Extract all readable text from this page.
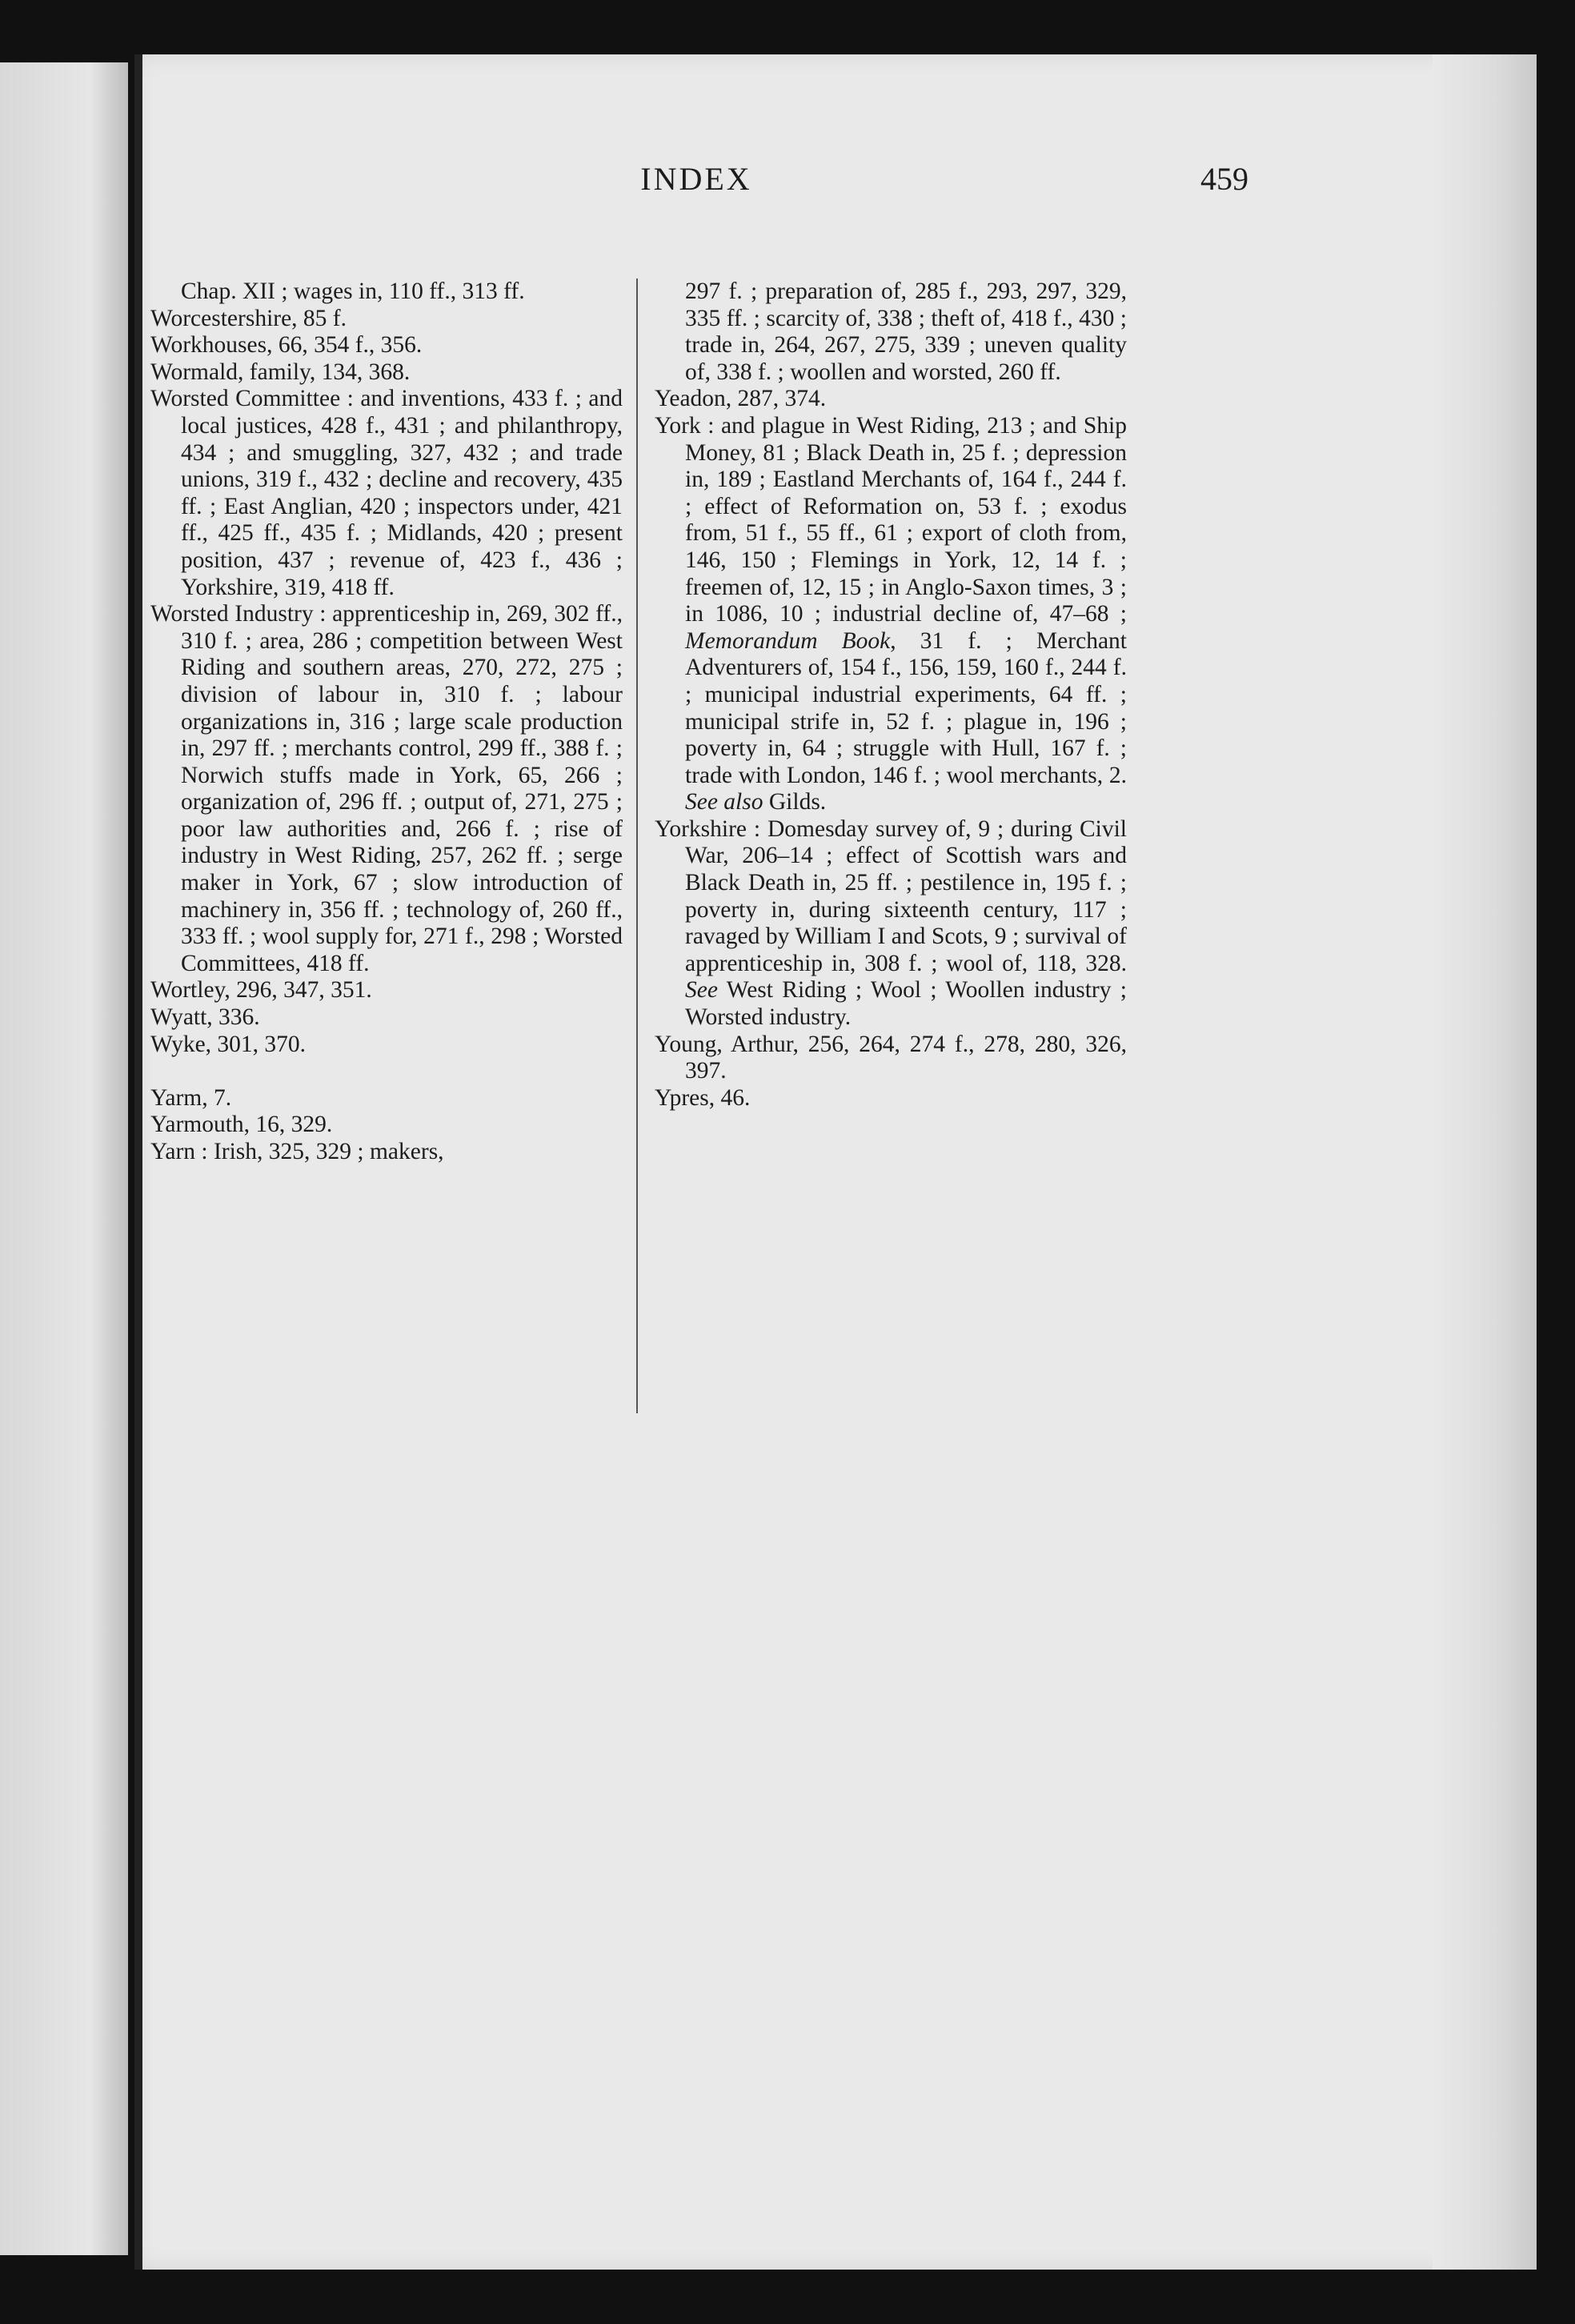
INDEX	459

Chap. XII ; wages in, 110 ff., 313 ff.

Worcestershire, 85 f.

Workhouses, 66, 354 f., 356.

Wormald, family, 134, 368.

Worsted Committee : and inventions, 433 f. ; and local justices, 428 f., 431 ; and philanthropy, 434 ; and smuggling, 327, 432 ; and trade unions, 319 f., 432 ; decline and recovery, 435 ff. ; East Anglian, 420 ; inspectors under, 421 ff., 425 ff., 435 f. ; Midlands, 420 ; present position, 437 ; revenue of, 423 f., 436 ; Yorkshire, 319, 418 ff.

Worsted Industry : apprenticeship in, 269, 302 ff., 310 f. ; area, 286 ; competition between West Riding and southern areas, 270, 272, 275 ; division of labour in, 310 f. ; labour organizations in, 316 ; large scale production in, 297 ff. ; merchants control, 299 ff., 388 f. ; Norwich stuffs made in York, 65, 266 ; organization of, 296 ff. ; output of, 271, 275 ; poor law authorities and, 266 f. ; rise of industry in West Riding, 257, 262 ff. ; serge maker in York, 67 ; slow introduction of machinery in, 356 ff. ; technology of, 260 ff., 333 ff. ; wool supply for, 271 f., 298 ; Worsted Committees, 418 ff.

Wortley, 296, 347, 351.

Wyatt, 336.

Wyke, 301, 370.

Yarm, 7.

Yarmouth, 16, 329.

Yarn : Irish, 325, 329 ; makers,

297 f. ; preparation of, 285 f., 293, 297, 329, 335 ff. ; scarcity of, 338 ; theft of, 418 f., 430 ; trade in, 264, 267, 275, 339 ; uneven quality of, 338 f. ; woollen and worsted, 260 ff.

Yeadon, 287, 374.

York : and plague in West Riding, 213 ; and Ship Money, 81 ; Black Death in, 25 f. ; depression in, 189 ; Eastland Merchants of, 164 f., 244 f. ; effect of Reformation on, 53 f. ; exodus from, 51 f., 55 ff., 61 ; export of cloth from, 146, 150 ; Flemings in York, 12, 14 f. ; freemen of, 12, 15 ; in Anglo-Saxon times, 3 ; in 1086, 10 ; industrial decline of, 47–68 ; Memorandum Book, 31 f. ; Merchant Adventurers of, 154 f., 156, 159, 160 f., 244 f. ; municipal industrial experiments, 64 ff. ; municipal strife in, 52 f. ; plague in, 196 ; poverty in, 64 ; struggle with Hull, 167 f. ; trade with London, 146 f. ; wool merchants, 2. See also Gilds.

Yorkshire : Domesday survey of, 9 ; during Civil War, 206–14 ; effect of Scottish wars and Black Death in, 25 ff. ; pestilence in, 195 f. ; poverty in, during sixteenth century, 117 ; ravaged by William I and Scots, 9 ; survival of apprenticeship in, 308 f. ; wool of, 118, 328. See West Riding ; Wool ; Woollen industry ; Worsted industry.

Young, Arthur, 256, 264, 274 f., 278, 280, 326, 397.

Ypres, 46.
